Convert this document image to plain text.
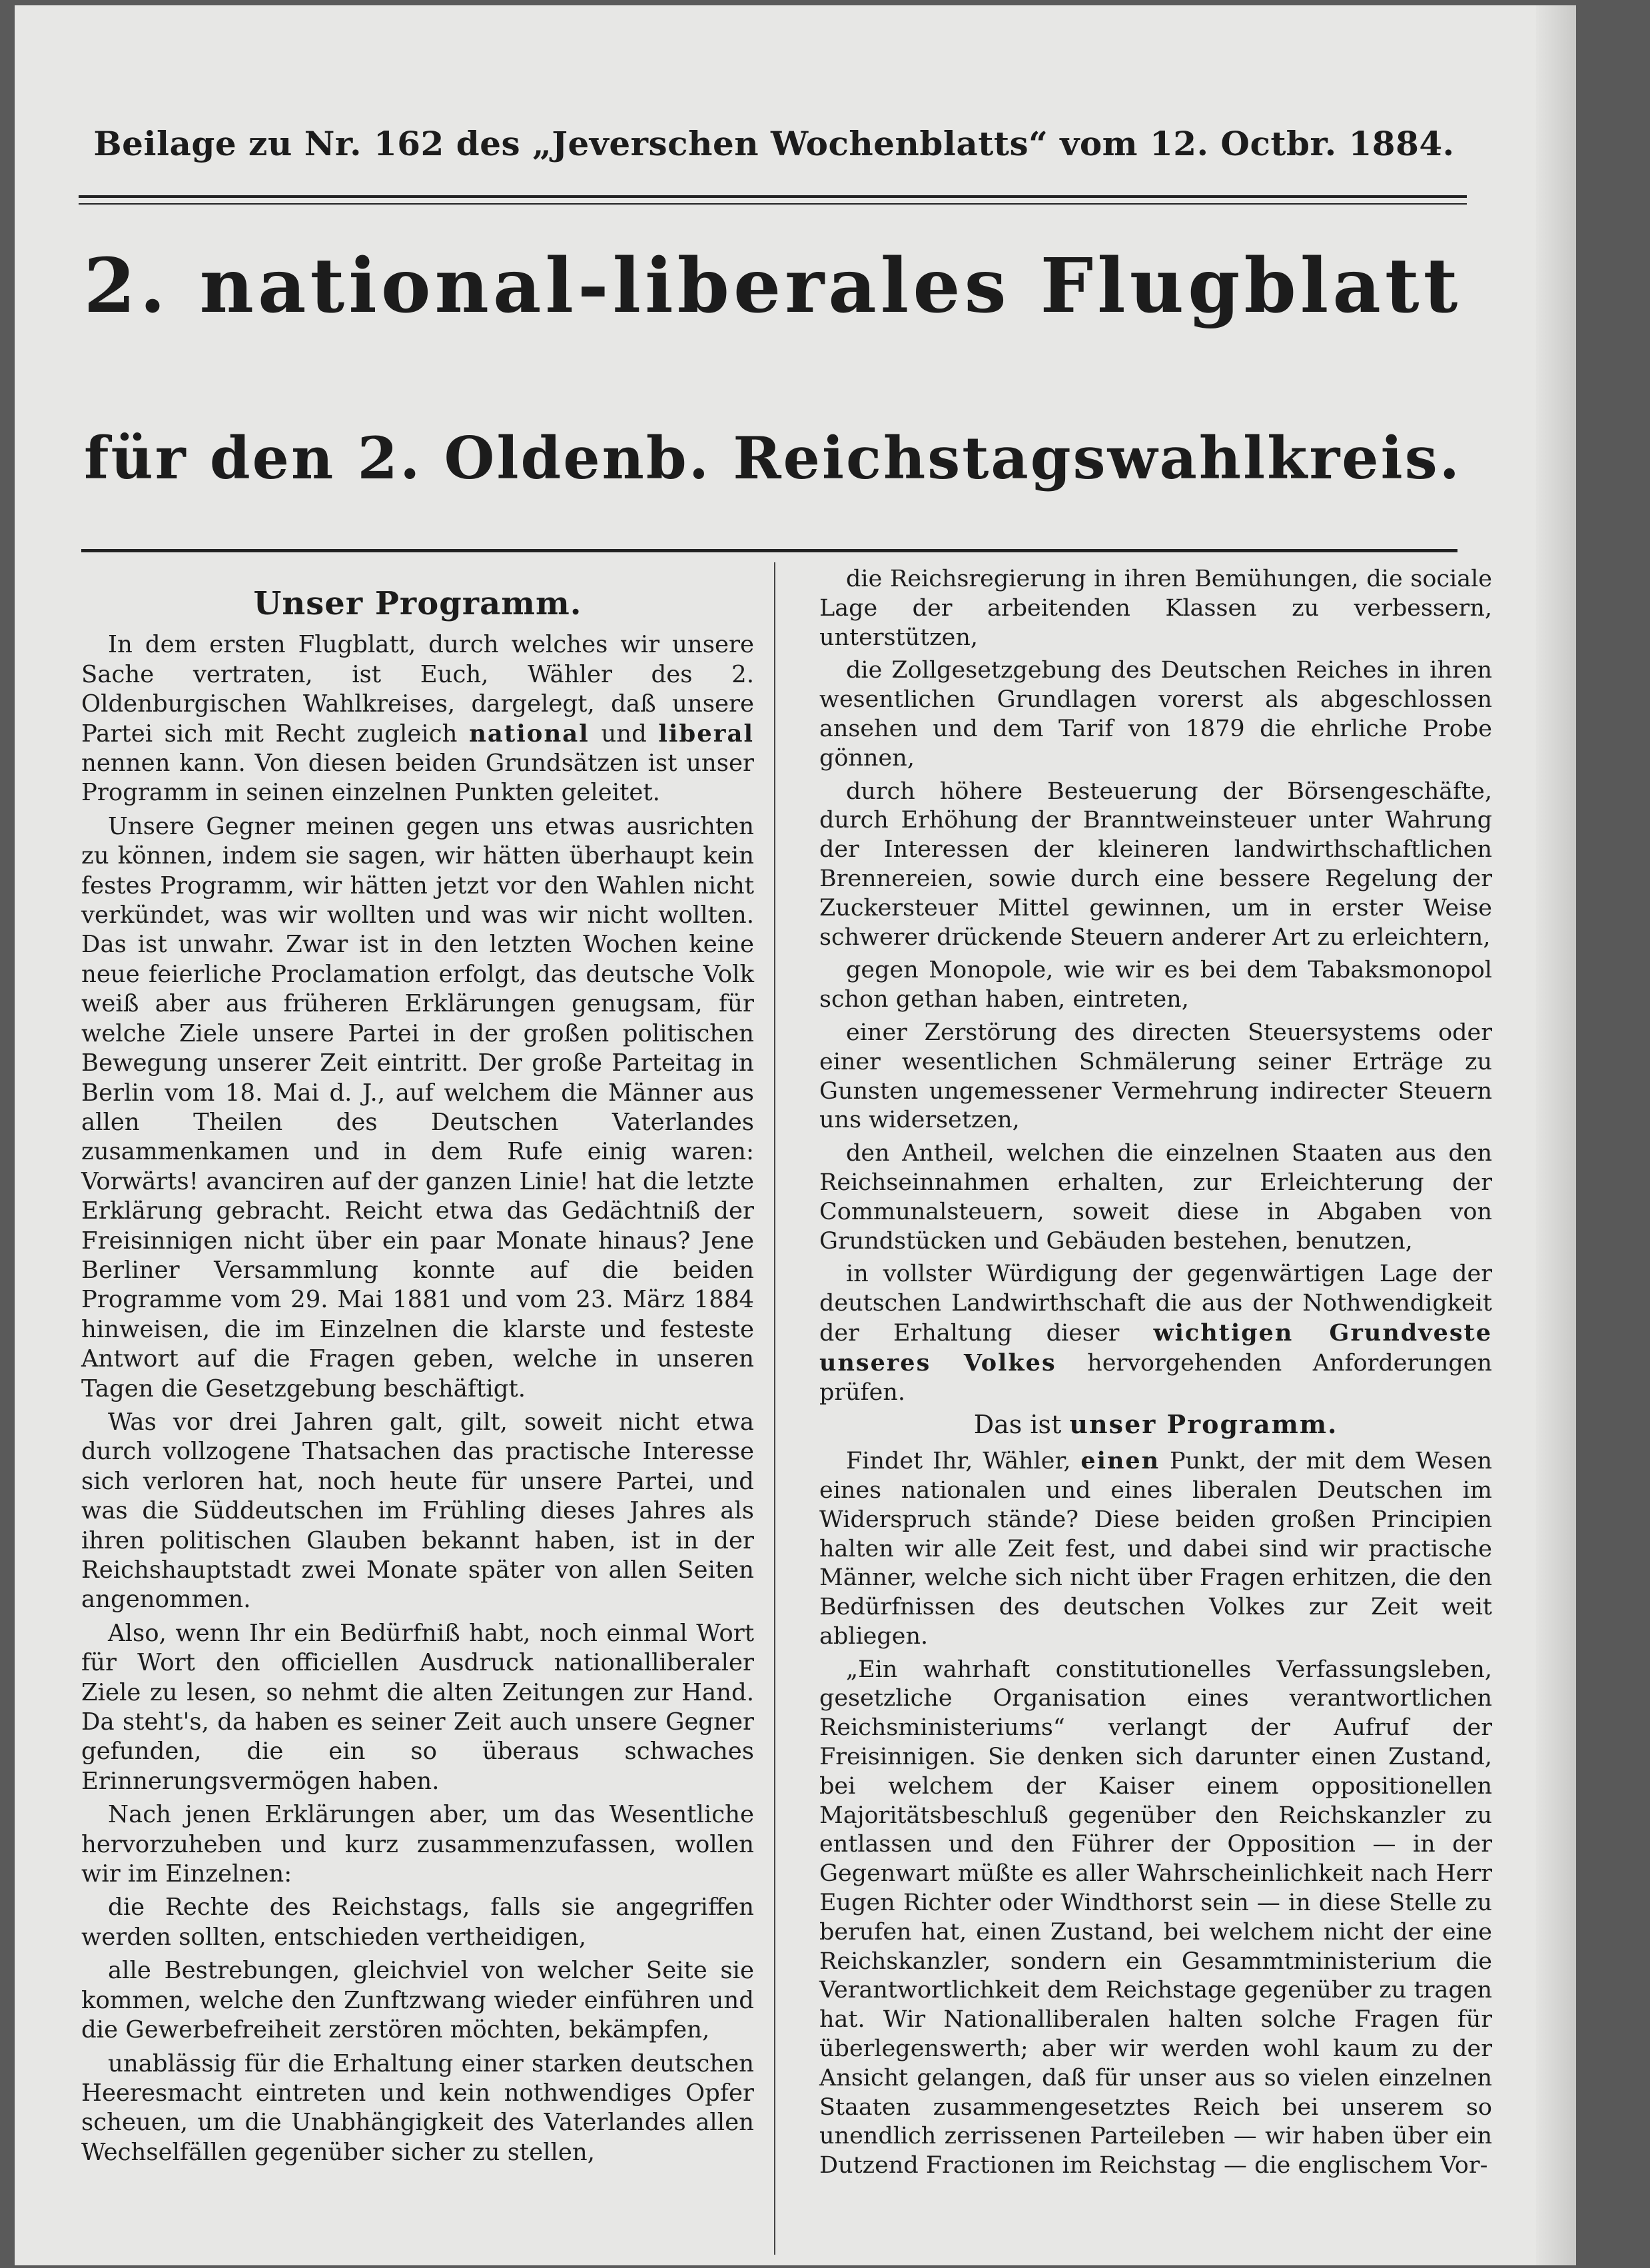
Beilage zu Nr. 162 des „Jeverschen Wochenblatts“ vom 12. Octbr. 1884.
2. national-liberales Flugblatt
für den 2. Oldenb. Reichstagswahlkreis.

Unser Programm.

In dem ersten Flugblatt, durch welches wir unsere Sache vertraten, ist Euch, Wähler des 2. Oldenburgischen Wahlkreises, dargelegt, daß unsere Partei sich mit Recht zugleich national und liberal nennen kann. Von diesen beiden Grundsätzen ist unser Programm in seinen einzelnen Punkten geleitet.

Unsere Gegner meinen gegen uns etwas ausrichten zu können, indem sie sagen, wir hätten überhaupt kein festes Programm, wir hätten jetzt vor den Wahlen nicht verkündet, was wir wollten und was wir nicht wollten. Das ist unwahr. Zwar ist in den letzten Wochen keine neue feierliche Proclamation erfolgt, das deutsche Volk weiß aber aus früheren Erklärungen genugsam, für welche Ziele unsere Partei in der großen politischen Bewegung unserer Zeit eintritt. Der große Parteitag in Berlin vom 18. Mai d. J., auf welchem die Männer aus allen Theilen des Deutschen Vaterlandes zusammenkamen und in dem Rufe einig waren: Vorwärts! avanciren auf der ganzen Linie! hat die letzte Erklärung gebracht. Reicht etwa das Gedächtniß der Freisinnigen nicht über ein paar Monate hinaus? Jene Berliner Versammlung konnte auf die beiden Programme vom 29. Mai 1881 und vom 23. März 1884 hinweisen, die im Einzelnen die klarste und festeste Antwort auf die Fragen geben, welche in unseren Tagen die Gesetzgebung beschäftigt.

Was vor drei Jahren galt, gilt, soweit nicht etwa durch vollzogene Thatsachen das practische Interesse sich verloren hat, noch heute für unsere Partei, und was die Süddeutschen im Frühling dieses Jahres als ihren politischen Glauben bekannt haben, ist in der Reichshauptstadt zwei Monate später von allen Seiten angenommen.

Also, wenn Ihr ein Bedürfniß habt, noch einmal Wort für Wort den officiellen Ausdruck nationalliberaler Ziele zu lesen, so nehmt die alten Zeitungen zur Hand. Da steht's, da haben es seiner Zeit auch unsere Gegner gefunden, die ein so überaus schwaches Erinnerungsvermögen haben.

Nach jenen Erklärungen aber, um das Wesentliche hervorzuheben und kurz zusammenzufassen, wollen wir im Einzelnen:

die Rechte des Reichstags, falls sie angegriffen werden sollten, entschieden vertheidigen,

alle Bestrebungen, gleichviel von welcher Seite sie kommen, welche den Zunftzwang wieder einführen und die Gewerbefreiheit zerstören möchten, bekämpfen,

unablässig für die Erhaltung einer starken deutschen Heeresmacht eintreten und kein nothwendiges Opfer scheuen, um die Unabhängigkeit des Vaterlandes allen Wechselfällen gegenüber sicher zu stellen,

die Reichsregierung in ihren Bemühungen, die sociale Lage der arbeitenden Klassen zu verbessern, unterstützen,

die Zollgesetzgebung des Deutschen Reiches in ihren wesentlichen Grundlagen vorerst als abgeschlossen ansehen und dem Tarif von 1879 die ehrliche Probe gönnen,

durch höhere Besteuerung der Börsengeschäfte, durch Erhöhung der Branntweinsteuer unter Wahrung der Interessen der kleineren landwirthschaftlichen Brennereien, sowie durch eine bessere Regelung der Zuckersteuer Mittel gewinnen, um in erster Weise schwerer drückende Steuern anderer Art zu erleichtern,

gegen Monopole, wie wir es bei dem Tabaksmonopol schon gethan haben, eintreten,

einer Zerstörung des directen Steuersystems oder einer wesentlichen Schmälerung seiner Erträge zu Gunsten ungemessener Vermehrung indirecter Steuern uns widersetzen,

den Antheil, welchen die einzelnen Staaten aus den Reichseinnahmen erhalten, zur Erleichterung der Communalsteuern, soweit diese in Abgaben von Grundstücken und Gebäuden bestehen, benutzen,

in vollster Würdigung der gegenwärtigen Lage der deutschen Landwirthschaft die aus der Nothwendigkeit der Erhaltung dieser wichtigen Grundveste unseres Volkes hervorgehenden Anforderungen prüfen.

Das ist unser Programm.

Findet Ihr, Wähler, einen Punkt, der mit dem Wesen eines nationalen und eines liberalen Deutschen im Widerspruch stände? Diese beiden großen Principien halten wir alle Zeit fest, und dabei sind wir practische Männer, welche sich nicht über Fragen erhitzen, die den Bedürfnissen des deutschen Volkes zur Zeit weit abliegen.

„Ein wahrhaft constitutionelles Verfassungsleben, gesetzliche Organisation eines verantwortlichen Reichsministeriums“ verlangt der Aufruf der Freisinnigen. Sie denken sich darunter einen Zustand, bei welchem der Kaiser einem oppositionellen Majoritätsbeschluß gegenüber den Reichskanzler zu entlassen und den Führer der Opposition — in der Gegenwart müßte es aller Wahrscheinlichkeit nach Herr Eugen Richter oder Windthorst sein — in diese Stelle zu berufen hat, einen Zustand, bei welchem nicht der eine Reichskanzler, sondern ein Gesammtministerium die Verantwortlichkeit dem Reichstage gegenüber zu tragen hat. Wir Nationalliberalen halten solche Fragen für überlegenswerth; aber wir werden wohl kaum zu der Ansicht gelangen, daß für unser aus so vielen einzelnen Staaten zusammengesetztes Reich bei unserem so unendlich zerrissenen Parteileben — wir haben über ein Dutzend Fractionen im Reichstag — die englischem Vor-
